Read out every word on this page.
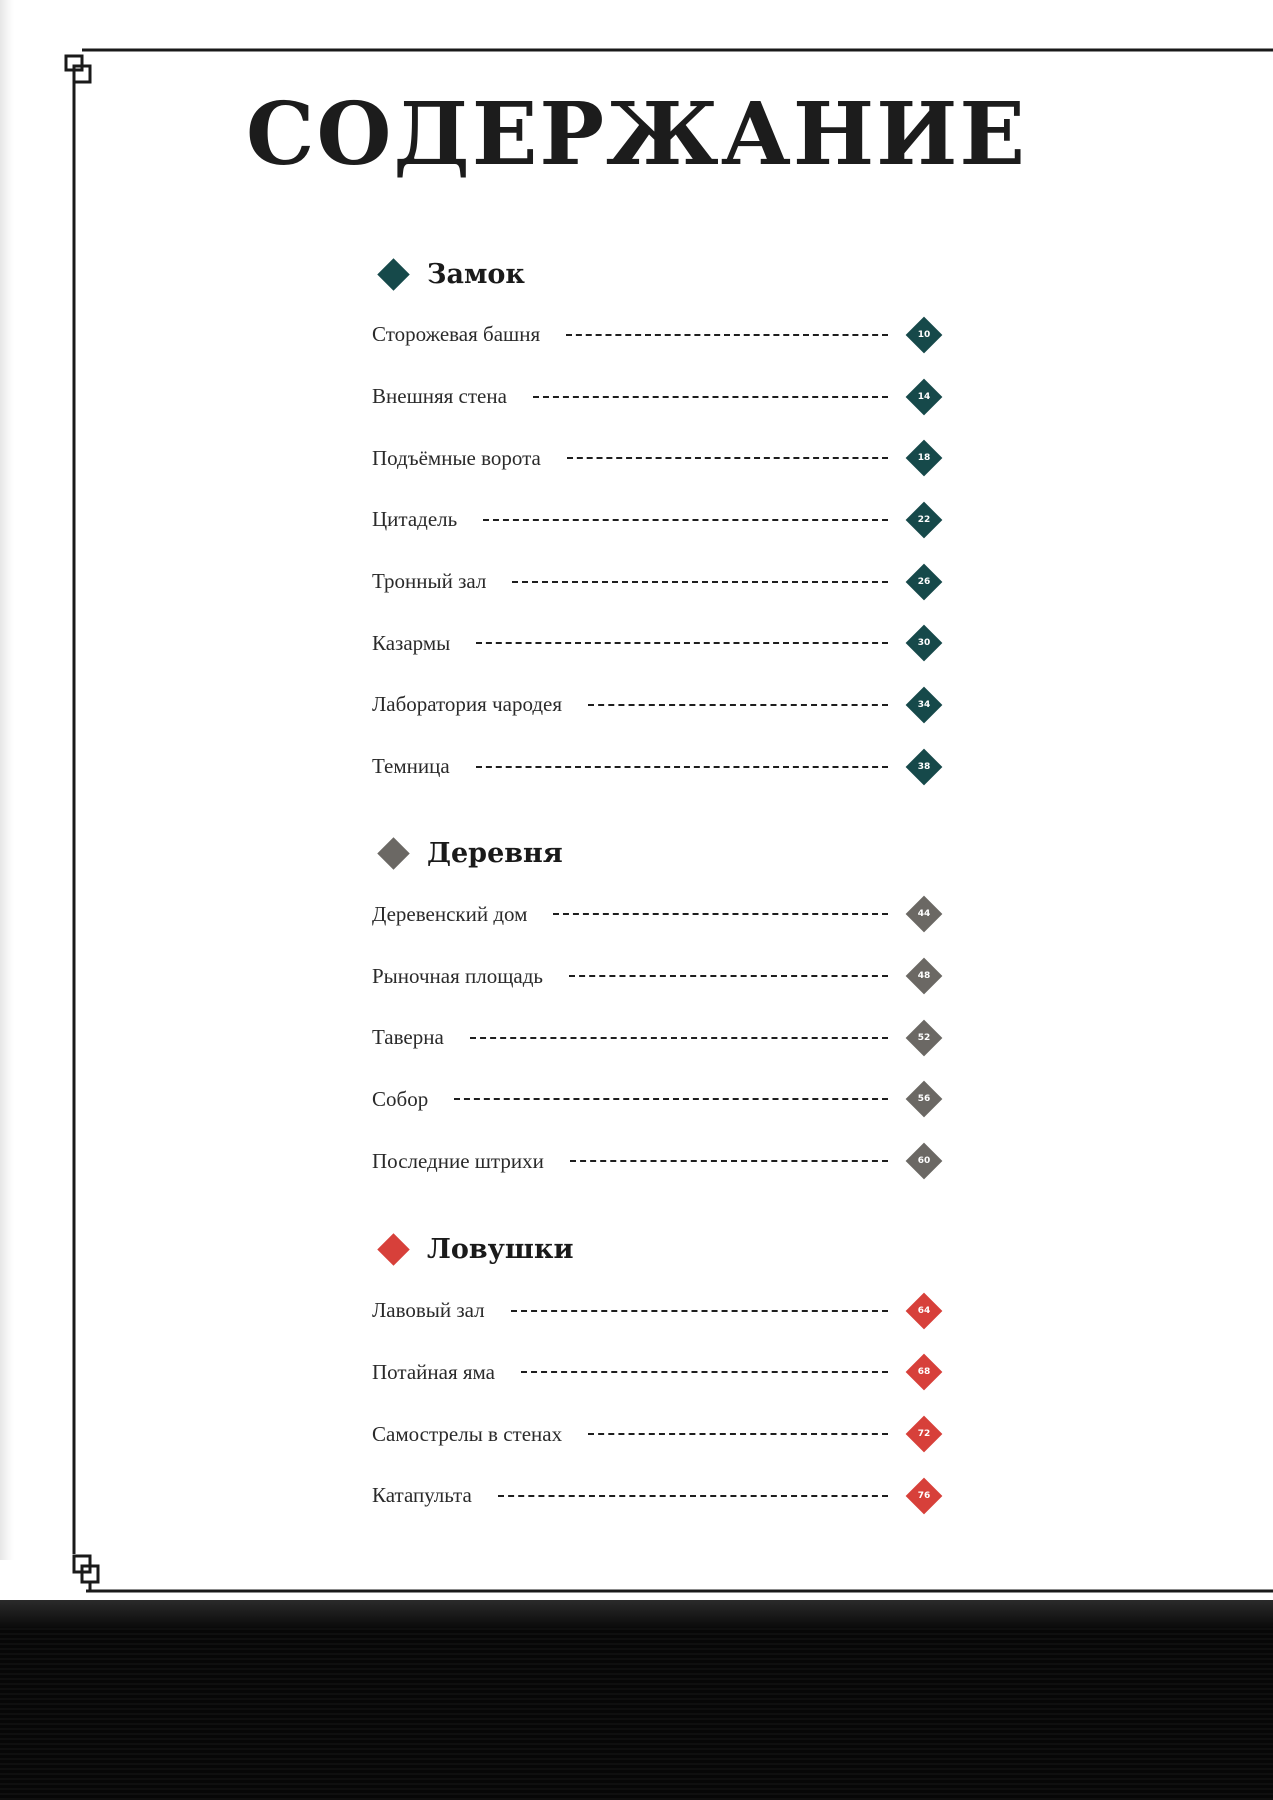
СОДЕРЖАНИЕ
Замок
Сторожевая башня	10
Внешняя стена	14
Подъёмные ворота	18
Цитадель	22
Тронный зал	26
Казармы	30
Лаборатория чародея	34
Темница	38
Деревня
Деревенский дом	44
Рыночная площадь	48
Таверна	52
Собор	56
Последние штрихи	60
Ловушки
Лавовый зал	64
Потайная яма	68
Самострелы в стенах	72
Катапульта	76
